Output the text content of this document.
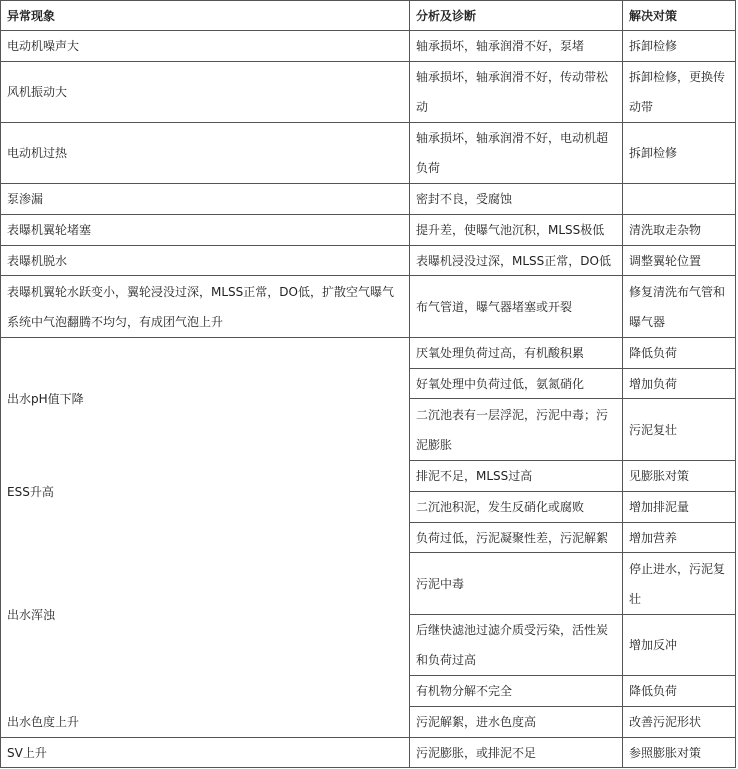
异常现象	分析及诊断	解决对策
电动机噪声大
风机振动大
电动机过热
泵渗漏
表曝机翼轮堵塞
表曝机脱水
表曝机翼轮水跃变小，翼轮浸没过深，MLSS正常，DO低，扩散空气曝气系统中气泡翻腾不均匀，有成团气泡上升
出水pH值下降
ESS升高
出水浑浊
出水色度上升
SV上升
轴承损坏，轴承润滑不好，泵堵
轴承损坏，轴承润滑不好，传动带松动
轴承损坏，轴承润滑不好，电动机超负荷
密封不良，受腐蚀
提升差，使曝气池沉积，MLSS极低
表曝机浸没过深，MLSS正常，DO低
布气管道，曝气器堵塞或开裂
厌氧处理负荷过高，有机酸积累
好氧处理中负荷过低，氨氮硝化
二沉池表有一层浮泥，污泥中毒；污泥膨胀
排泥不足，MLSS过高
二沉池积泥，发生反硝化或腐败
负荷过低，污泥凝聚性差，污泥解絮
污泥中毒
后继快滤池过滤介质受污染，活性炭和负荷过高
有机物分解不完全
污泥解絮，进水色度高
污泥膨胀，或排泥不足
拆卸检修
拆卸检修，更换传动带
拆卸检修
清洗取走杂物
调整翼轮位置
修复清洗布气管和曝气器
降低负荷
增加负荷
污泥复壮
见膨胀对策
增加排泥量
增加营养
停止进水，污泥复壮
增加反冲
降低负荷
改善污泥形状
参照膨胀对策
